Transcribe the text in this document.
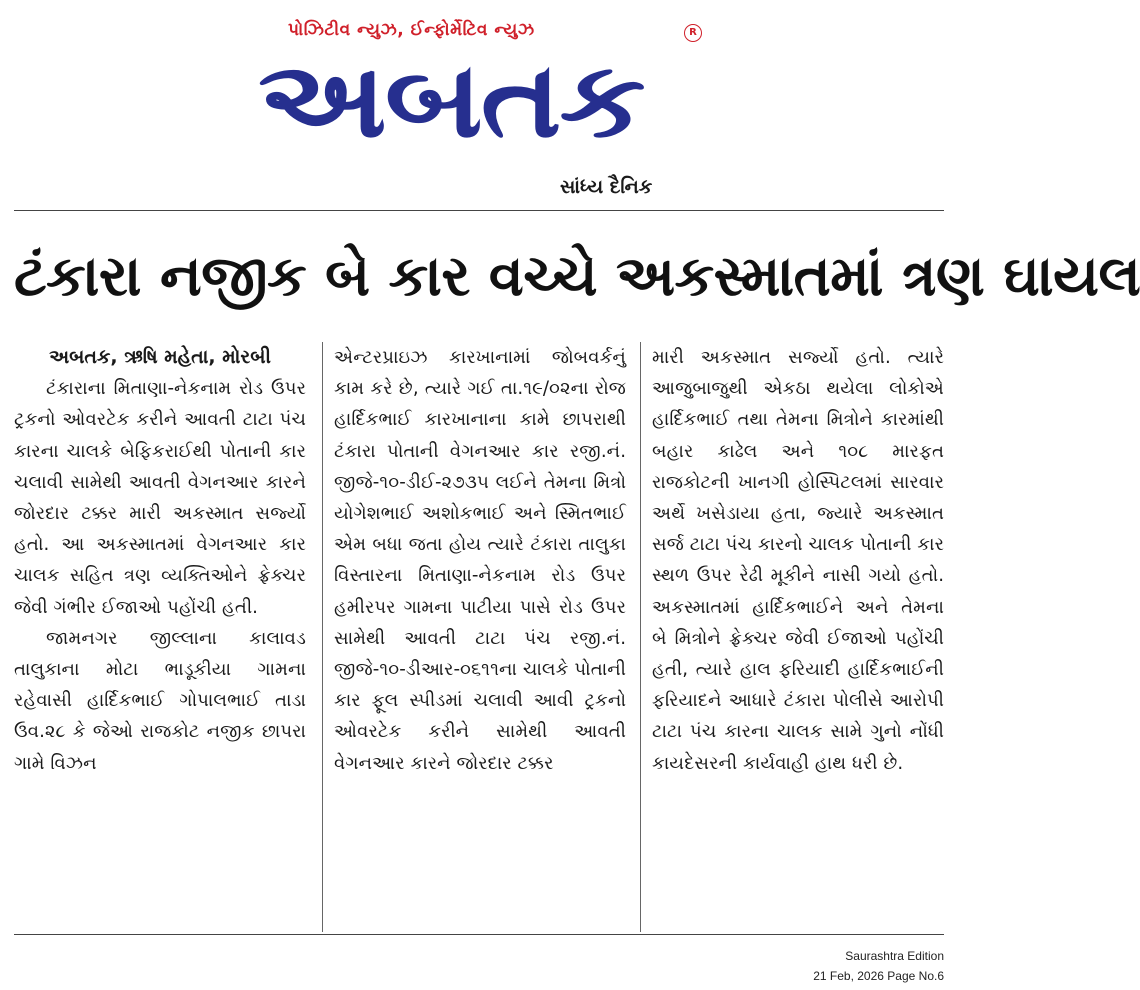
પોઝિટીવ ન્યુઝ, ઈન્ફોર્મેટિવ ન્યુઝ	R
અબતક
સાંધ્ય દૈનિક
ટંકારા નજીક બે કાર વચ્ચે અકસ્માતમાં ત્રણ ઘાયલ

અબતક, ઋષિ મહેતા, મોરબી

ટંકારાના મિતાણા-નેકનામ રોડ ઉપર ટ્રકનો ઓવરટેક કરીને આવતી ટાટા પંચ કારના ચાલકે બેફિકરાઈથી પોતાની કાર ચલાવી સામેથી આવતી વેગનઆર કારને જોરદાર ટક્કર મારી અકસ્માત સર્જ્યો હતો. આ અકસ્માતમાં વેગનઆર કાર ચાલક સહિત ત્રણ વ્યક્તિઓને ફ્રેક્ચર જેવી ગંભીર ઈજાઓ પહોંચી હતી.

જામનગર જીલ્લાના કાલાવડ તાલુકાના મોટા ભાડૂકીયા ગામના રહેવાસી હાર્દિકભાઈ ગોપાલભાઈ તાડા ઉવ.૨૮ કે જેઓ રાજકોટ નજીક છાપરા ગામે વિઝન

એન્ટરપ્રાઇઝ કારખાનામાં જોબવર્કનું કામ કરે છે, ત્યારે ગઈ તા.૧૯/૦૨ના રોજ હાર્દિકભાઈ કારખાનાના કામે છાપરાથી ટંકારા પોતાની વેગનઆર કાર રજી.નં. જીજે-૧૦-ડીઈ-૨૭૩૫ લઈને તેમના મિત્રો યોગેશભાઈ અશોકભાઈ અને સ્મિતભાઈ એમ બધા જતા હોય ત્યારે ટંકારા તાલુકા વિસ્તારના મિતાણા-નેકનામ રોડ ઉપર હમીરપર ગામના પાટીયા પાસે રોડ ઉપર સામેથી આવતી ટાટા પંચ રજી.નં. જીજે-૧૦-ડીઆર-૦૬૧૧ના ચાલકે પોતાની કાર ફૂલ સ્પીડમાં ચલાવી આવી ટ્રકનો ઓવરટેક કરીને સામેથી આવતી વેગનઆર કારને જોરદાર ટક્કર

મારી અકસ્માત સર્જ્યો હતો. ત્યારે આજુબાજુથી એકઠા થયેલા લોકોએ હાર્દિકભાઈ તથા તેમના મિત્રોને કારમાંથી બહાર કાઢેલ અને ૧૦૮ મારફત રાજકોટની ખાનગી હોસ્પિટલમાં સારવાર અર્થે ખસેડાયા હતા, જ્યારે અકસ્માત સર્જ ટાટા પંચ કારનો ચાલક પોતાની કાર સ્થળ ઉપર રેઢી મૂકીને નાસી ગયો હતો. અકસ્માતમાં હાર્દિકભાઈને અને તેમના બે મિત્રોને ફ્રેક્ચર જેવી ઈજાઓ પહોંચી હતી, ત્યારે હાલ ફરિયાદી હાર્દિકભાઈની ફરિયાદને આધારે ટંકારા પોલીસે આરોપી ટાટા પંચ કારના ચાલક સામે ગુનો નોંધી કાયદેસરની કાર્યવાહી હાથ ધરી છે.

Saurashtra Edition
21 Feb, 2026 Page No.6
